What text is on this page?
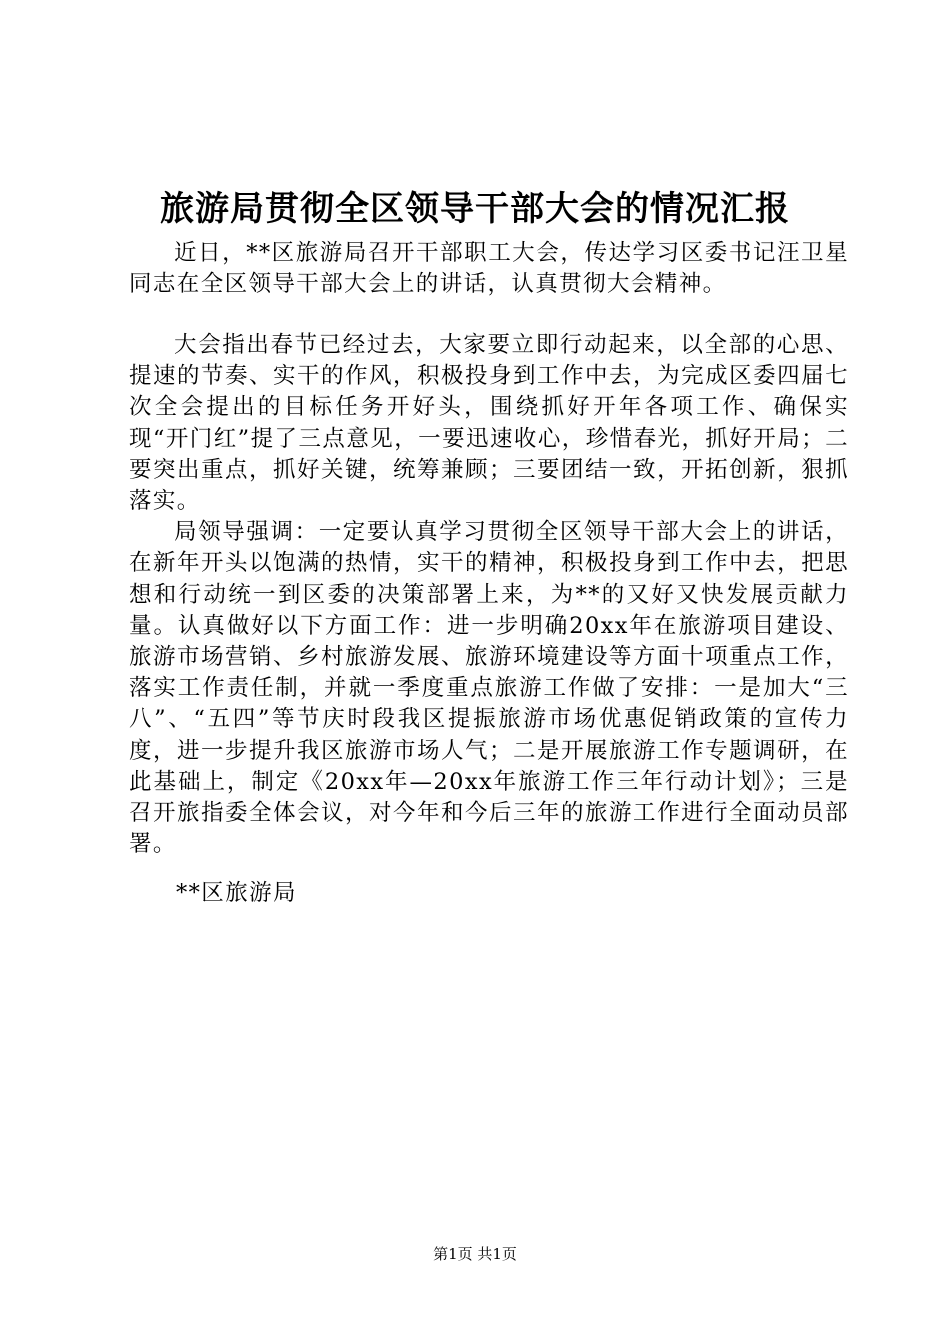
旅游局贯彻全区领导干部大会的情况汇报

近日，**区旅游局召开干部职工大会，传达学习区委书记汪卫星同志在全区领导干部大会上的讲话，认真贯彻大会精神。

大会指出春节已经过去，大家要立即行动起来，以全部的心思、提速的节奏、实干的作风，积极投身到工作中去，为完成区委四届七次全会提出的目标任务开好头，围绕抓好开年各项工作、确保实现“开门红”提了三点意见，一要迅速收心，珍惜春光，抓好开局；二要突出重点，抓好关键，统筹兼顾；三要团结一致，开拓创新，狠抓落实。

局领导强调：一定要认真学习贯彻全区领导干部大会上的讲话，在新年开头以饱满的热情，实干的精神，积极投身到工作中去，把思想和行动统一到区委的决策部署上来，为**的又好又快发展贡献力量。认真做好以下方面工作：进一步明确20xx年在旅游项目建设、旅游市场营销、乡村旅游发展、旅游环境建设等方面十项重点工作，落实工作责任制，并就一季度重点旅游工作做了安排：一是加大“三八”、“五四”等节庆时段我区提振旅游市场优惠促销政策的宣传力度，进一步提升我区旅游市场人气；二是开展旅游工作专题调研，在此基础上，制定《20xx年—20xx年旅游工作三年行动计划》；三是召开旅指委全体会议，对今年和今后三年的旅游工作进行全面动员部署。

**区旅游局
第1页 共1页
